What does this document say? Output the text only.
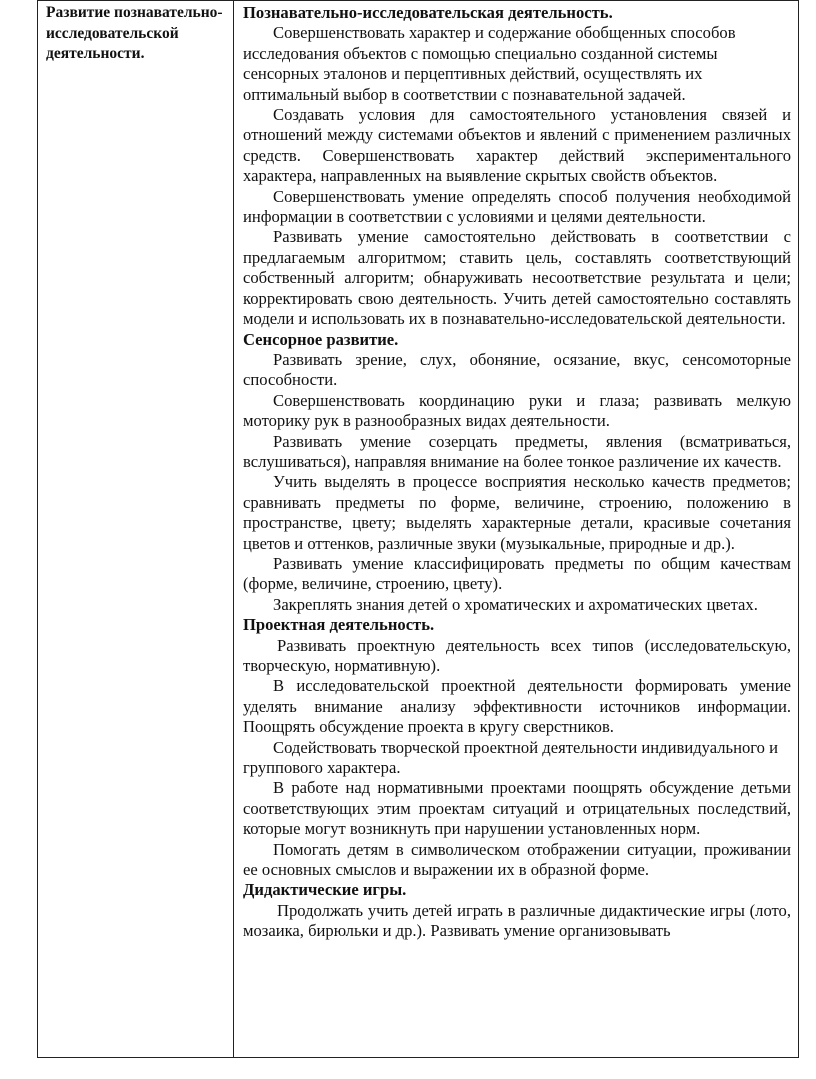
Развитие познавательно-исследовательской деятельности.

Познавательно-исследовательская деятельность.

Совершенствовать характер и содержание обобщенных способов исследования объектов с помощью специально созданной системы сенсорных эталонов и перцептивных действий, осуществлять их оптимальный выбор в соответствии с познавательной задачей.

Создавать условия для самостоятельного установления связей и отношений между системами объектов и явлений с применением различных средств. Совершенствовать характер действий экспериментального характера, направленных на выявление скрытых свойств объектов.

Совершенствовать умение определять способ получения необходимой информации в соответствии с условиями и целями деятельности.

Развивать умение самостоятельно действовать в соответствии с предлагаемым алгоритмом; ставить цель, составлять соответствующий собственный алгоритм; обнаруживать несоответствие результата и цели; корректировать свою деятельность. Учить детей самостоятельно составлять модели и использовать их в познавательно-исследовательской деятельности.

Сенсорное развитие.

Развивать зрение, слух, обоняние, осязание, вкус, сенсомоторные способности.

Совершенствовать координацию руки и глаза; развивать мелкую моторику рук в разнообразных видах деятельности.

Развивать умение созерцать предметы, явления (всматриваться, вслушиваться), направляя внимание на более тонкое различение их качеств.

Учить выделять в процессе восприятия несколько качеств предметов; сравнивать предметы по форме, величине, строению, положению в пространстве, цвету; выделять характерные детали, красивые сочетания цветов и оттенков, различные звуки (музыкальные, природные и др.).

Развивать умение классифицировать предметы по общим качествам (форме, величине, строению, цвету).

Закреплять знания детей о хроматических и ахроматических цветах.

Проектная деятельность.

Развивать проектную деятельность всех типов (исследовательскую, творческую, нормативную).

В исследовательской проектной деятельности формировать умение уделять внимание анализу эффективности источников информации. Поощрять обсуждение проекта в кругу сверстников.

Содействовать творческой проектной деятельности индивидуального и группового характера.

В работе над нормативными проектами поощрять обсуждение детьми соответствующих этим проектам ситуаций и отрицательных последствий, которые могут возникнуть при нарушении установленных норм.

Помогать детям в символическом отображении ситуации, проживании ее основных смыслов и выражении их в образной форме.

Дидактические игры.

Продолжать учить детей играть в различные дидактические игры (лото, мозаика, бирюльки и др.). Развивать умение организовывать
